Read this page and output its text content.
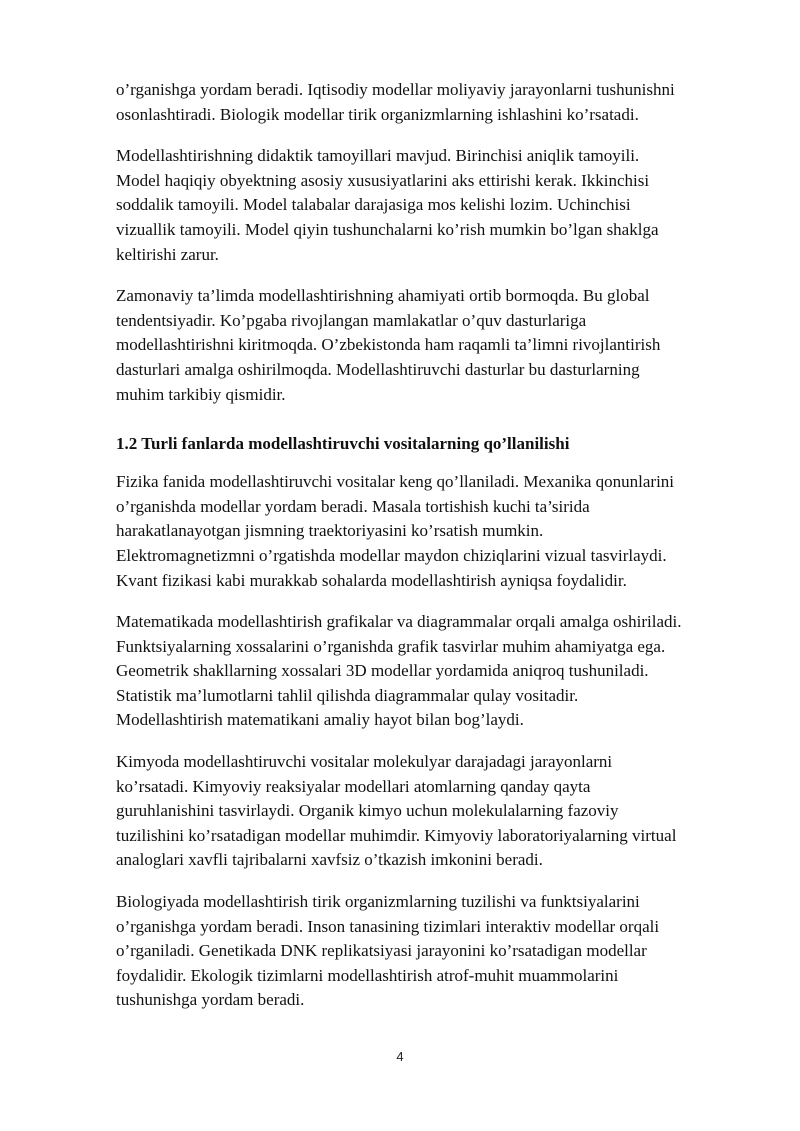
o’rganishga yordam beradi. Iqtisodiy modellar moliyaviy jarayonlarni tushunishni
osonlashtiradi. Biologik modellar tirik organizmlarning ishlashini ko’rsatadi.

Modellashtirishning didaktik tamoyillari mavjud. Birinchisi aniqlik tamoyili.
Model haqiqiy obyektning asosiy xususiyatlarini aks ettirishi kerak. Ikkinchisi
soddalik tamoyili. Model talabalar darajasiga mos kelishi lozim. Uchinchisi
vizuallik tamoyili. Model qiyin tushunchalarni ko’rish mumkin bo’lgan shaklga
keltirishi zarur.

Zamonaviy ta’limda modellashtirishning ahamiyati ortib bormoqda. Bu global
tendentsiyadir. Ko’pgaba rivojlangan mamlakatlar o’quv dasturlariga
modellashtirishni kiritmoqda. O’zbekistonda ham raqamli ta’limni rivojlantirish
dasturlari amalga oshirilmoqda. Modellashtiruvchi dasturlar bu dasturlarning
muhim tarkibiy qismidir.

1.2 Turli fanlarda modellashtiruvchi vositalarning qo’llanilishi

Fizika fanida modellashtiruvchi vositalar keng qo’llaniladi. Mexanika qonunlarini
o’rganishda modellar yordam beradi. Masala tortishish kuchi ta’sirida
harakatlanayotgan jismning traektoriyasini ko’rsatish mumkin.
Elektromagnetizmni o’rgatishda modellar maydon chiziqlarini vizual tasvirlaydi.
Kvant fizikasi kabi murakkab sohalarda modellashtirish ayniqsa foydalidir.

Matematikada modellashtirish grafikalar va diagrammalar orqali amalga oshiriladi.
Funktsiyalarning xossalarini o’rganishda grafik tasvirlar muhim ahamiyatga ega.
Geometrik shakllarning xossalari 3D modellar yordamida aniqroq tushuniladi.
Statistik ma’lumotlarni tahlil qilishda diagrammalar qulay vositadir.
Modellashtirish matematikani amaliy hayot bilan bog’laydi.

Kimyoda modellashtiruvchi vositalar molekulyar darajadagi jarayonlarni
ko’rsatadi. Kimyoviy reaksiyalar modellari atomlarning qanday qayta
guruhlanishini tasvirlaydi. Organik kimyo uchun molekulalarning fazoviy
tuzilishini ko’rsatadigan modellar muhimdir. Kimyoviy laboratoriyalarning virtual
analoglari xavfli tajribalarni xavfsiz o’tkazish imkonini beradi.

Biologiyada modellashtirish tirik organizmlarning tuzilishi va funktsiyalarini
o’rganishga yordam beradi. Inson tanasining tizimlari interaktiv modellar orqali
o’rganiladi. Genetikada DNK replikatsiyasi jarayonini ko’rsatadigan modellar
foydalidir. Ekologik tizimlarni modellashtirish atrof-muhit muammolarini
tushunishga yordam beradi.

4
